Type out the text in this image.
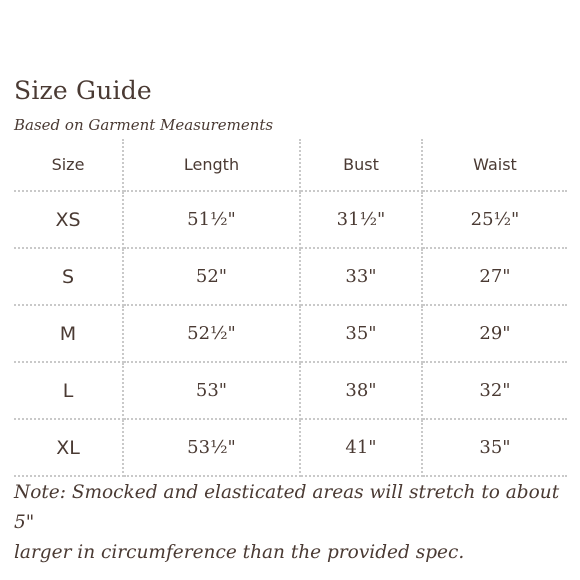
Size Guide
Based on Garment Measurements
Size	Length	Bust	Waist
XS	51½"	31½"	25½"
S	52"	33"	27"
M	52½"	35"	29"
L	53"	38"	32"
XL	53½"	41"	35"
Note: Smocked and elasticated areas will stretch to about 5"
larger in circumference than the provided spec.
